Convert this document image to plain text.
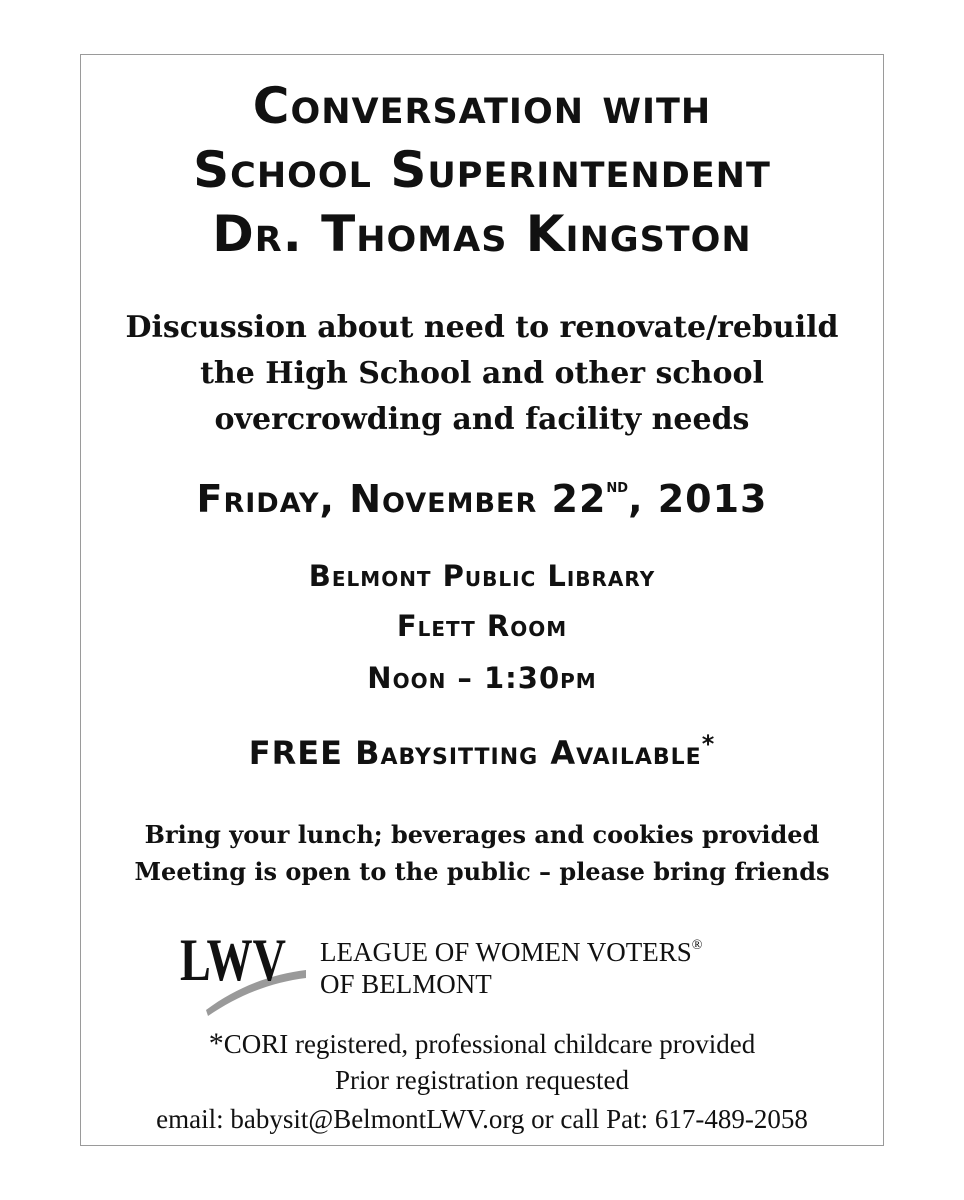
Conversation with
School Superintendent
Dr. Thomas Kingston
Discussion about need to renovate/rebuild
the High School and other school
overcrowding and facility needs
Friday, November 22nd, 2013
Belmont Public Library
Flett Room
Noon – 1:30pm
FREE Babysitting Available*
Bring your lunch; beverages and cookies provided
Meeting is open to the public – please bring friends
LWV LEAGUE OF WOMEN VOTERS®
OF BELMONT
*CORI registered, professional childcare provided
Prior registration requested
email: babysit@BelmontLWV.org or call Pat: 617-489-2058
